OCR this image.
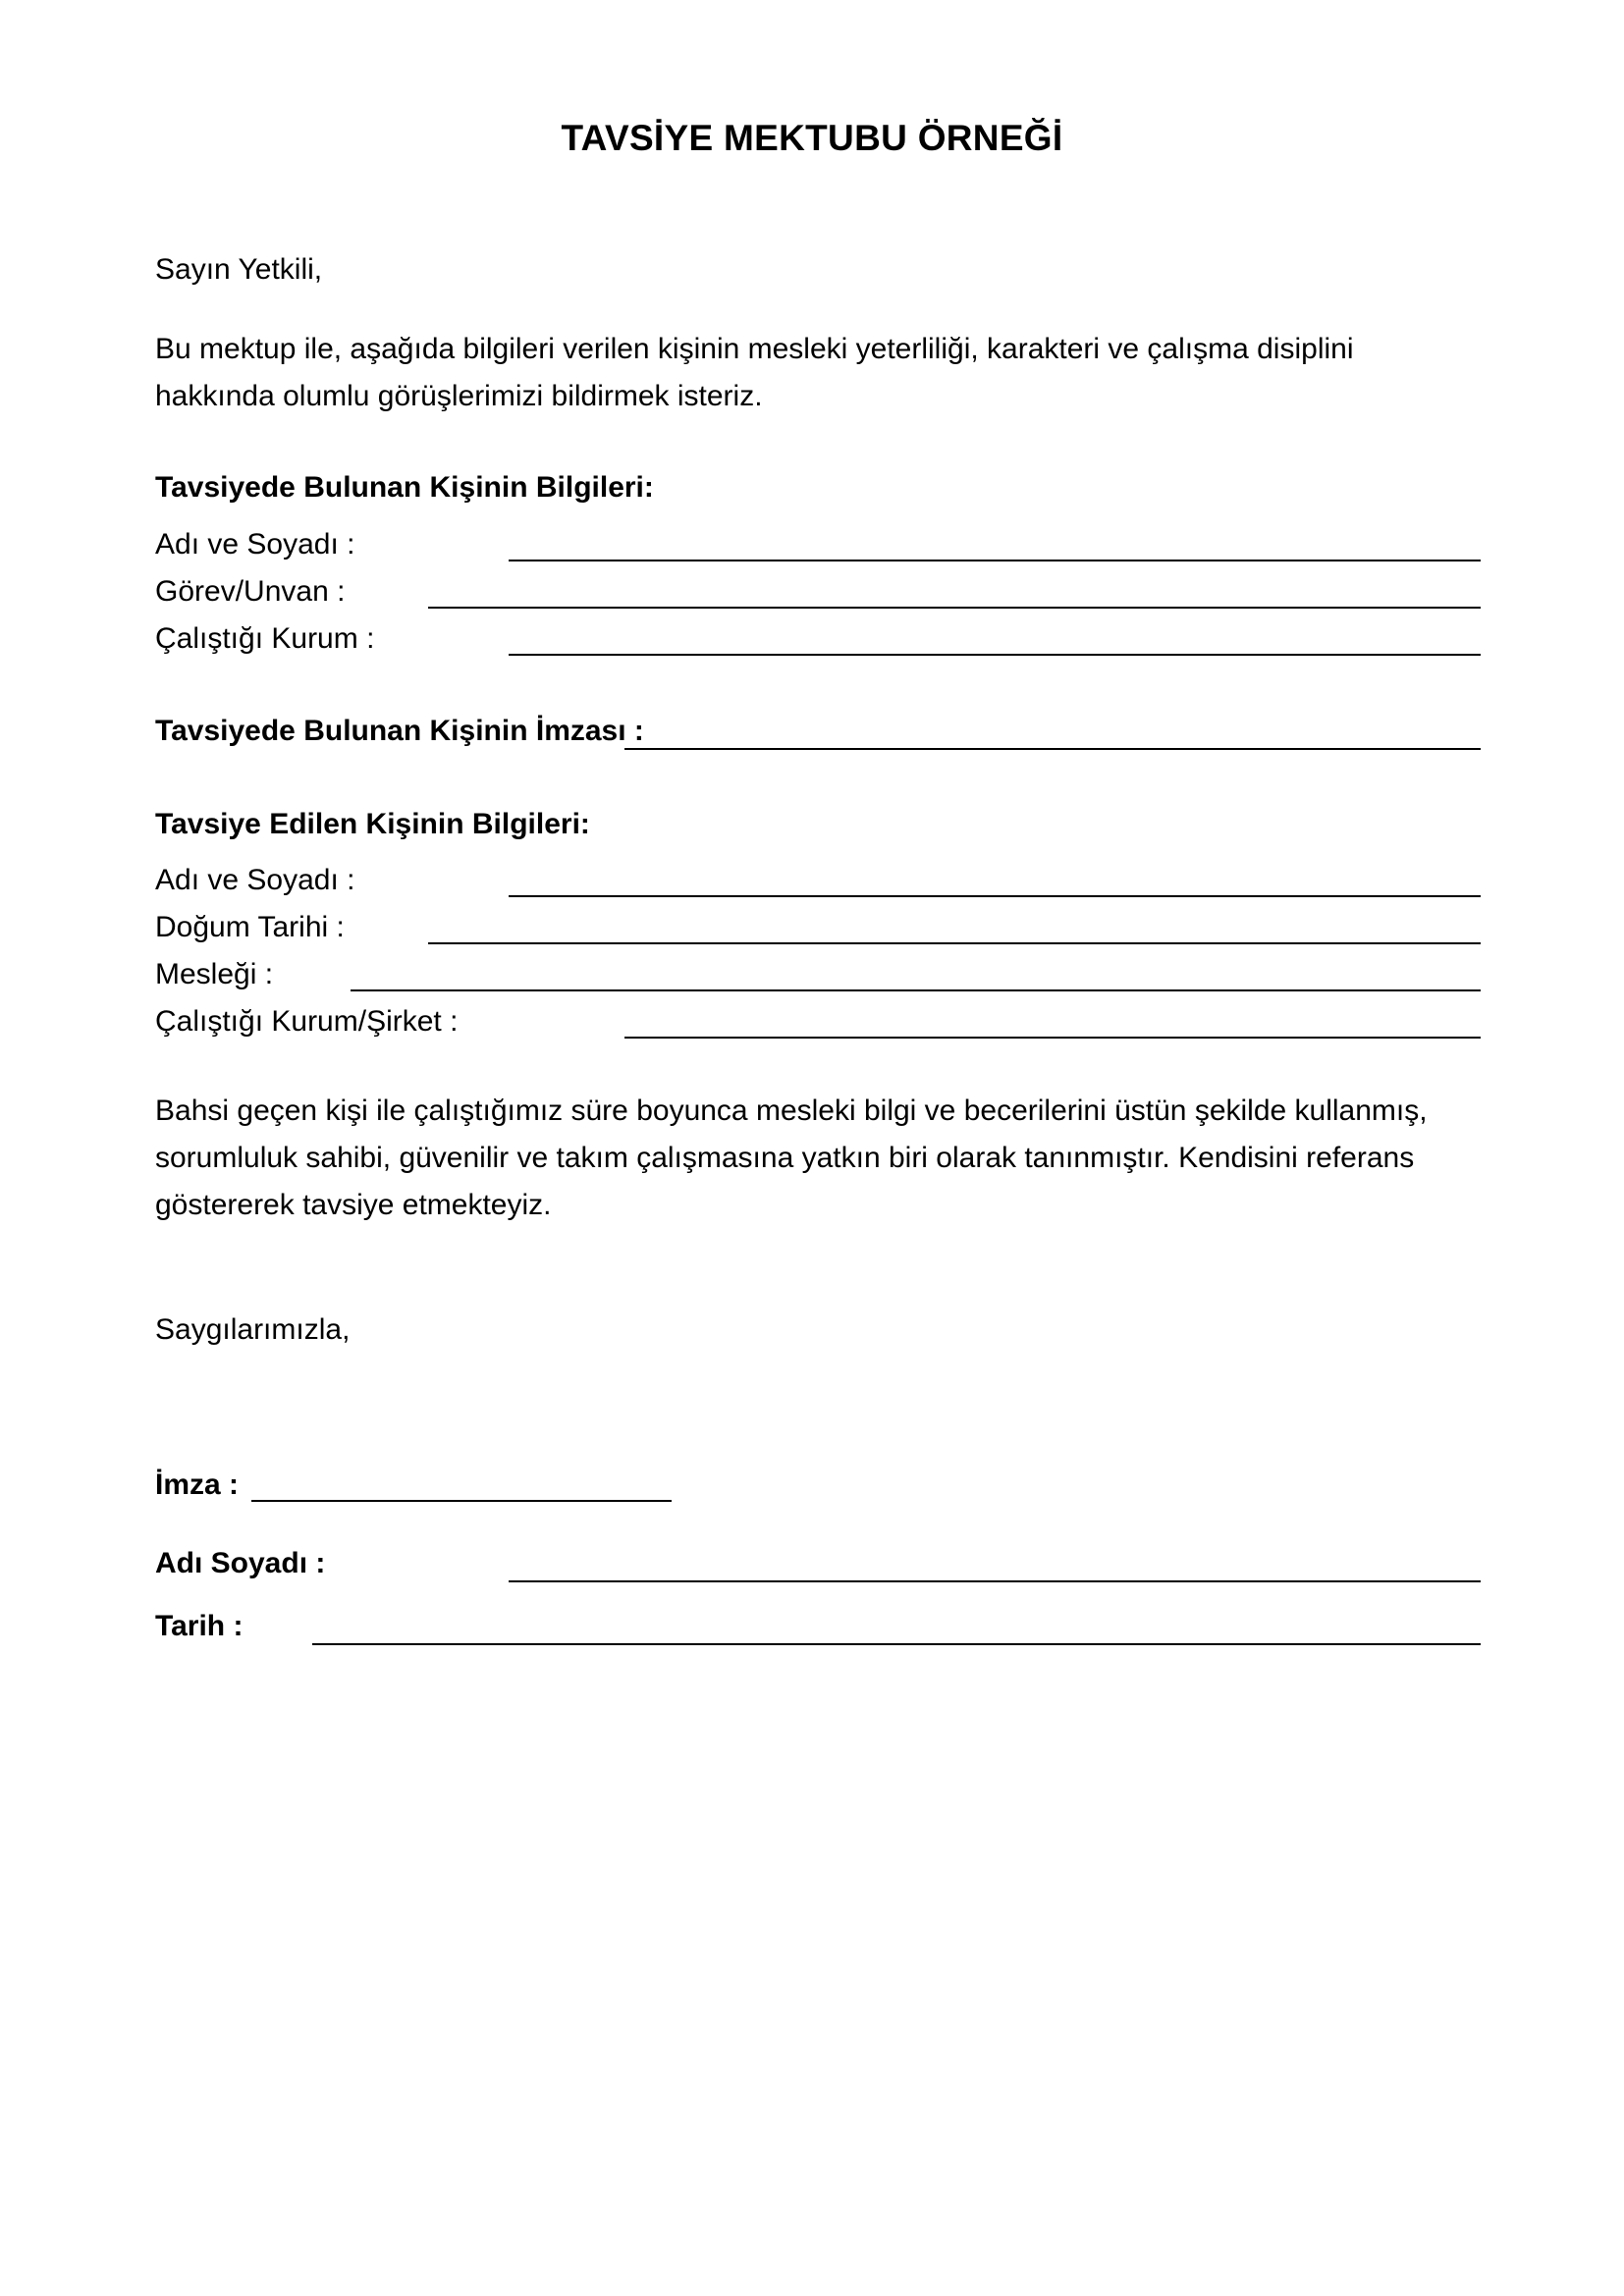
TAVSİYE MEKTUBU ÖRNEĞİ
Sayın Yetkili,
Bu mektup ile, aşağıda bilgileri verilen kişinin mesleki yeterliliği, karakteri ve çalışma disiplini
hakkında olumlu görüşlerimizi bildirmek isteriz.
Tavsiyede Bulunan Kişinin Bilgileri:
Adı ve Soyadı :
Görev/Unvan :
Çalıştığı Kurum :
Tavsiyede Bulunan Kişinin İmzası :
Tavsiye Edilen Kişinin Bilgileri:
Adı ve Soyadı :
Doğum Tarihi :
Mesleği :
Çalıştığı Kurum/Şirket :
Bahsi geçen kişi ile çalıştığımız süre boyunca mesleki bilgi ve becerilerini üstün şekilde kullanmış,
sorumluluk sahibi, güvenilir ve takım çalışmasına yatkın biri olarak tanınmıştır. Kendisini referans
göstererek tavsiye etmekteyiz.
Saygılarımızla,
İmza :
Adı Soyadı :
Tarih :
